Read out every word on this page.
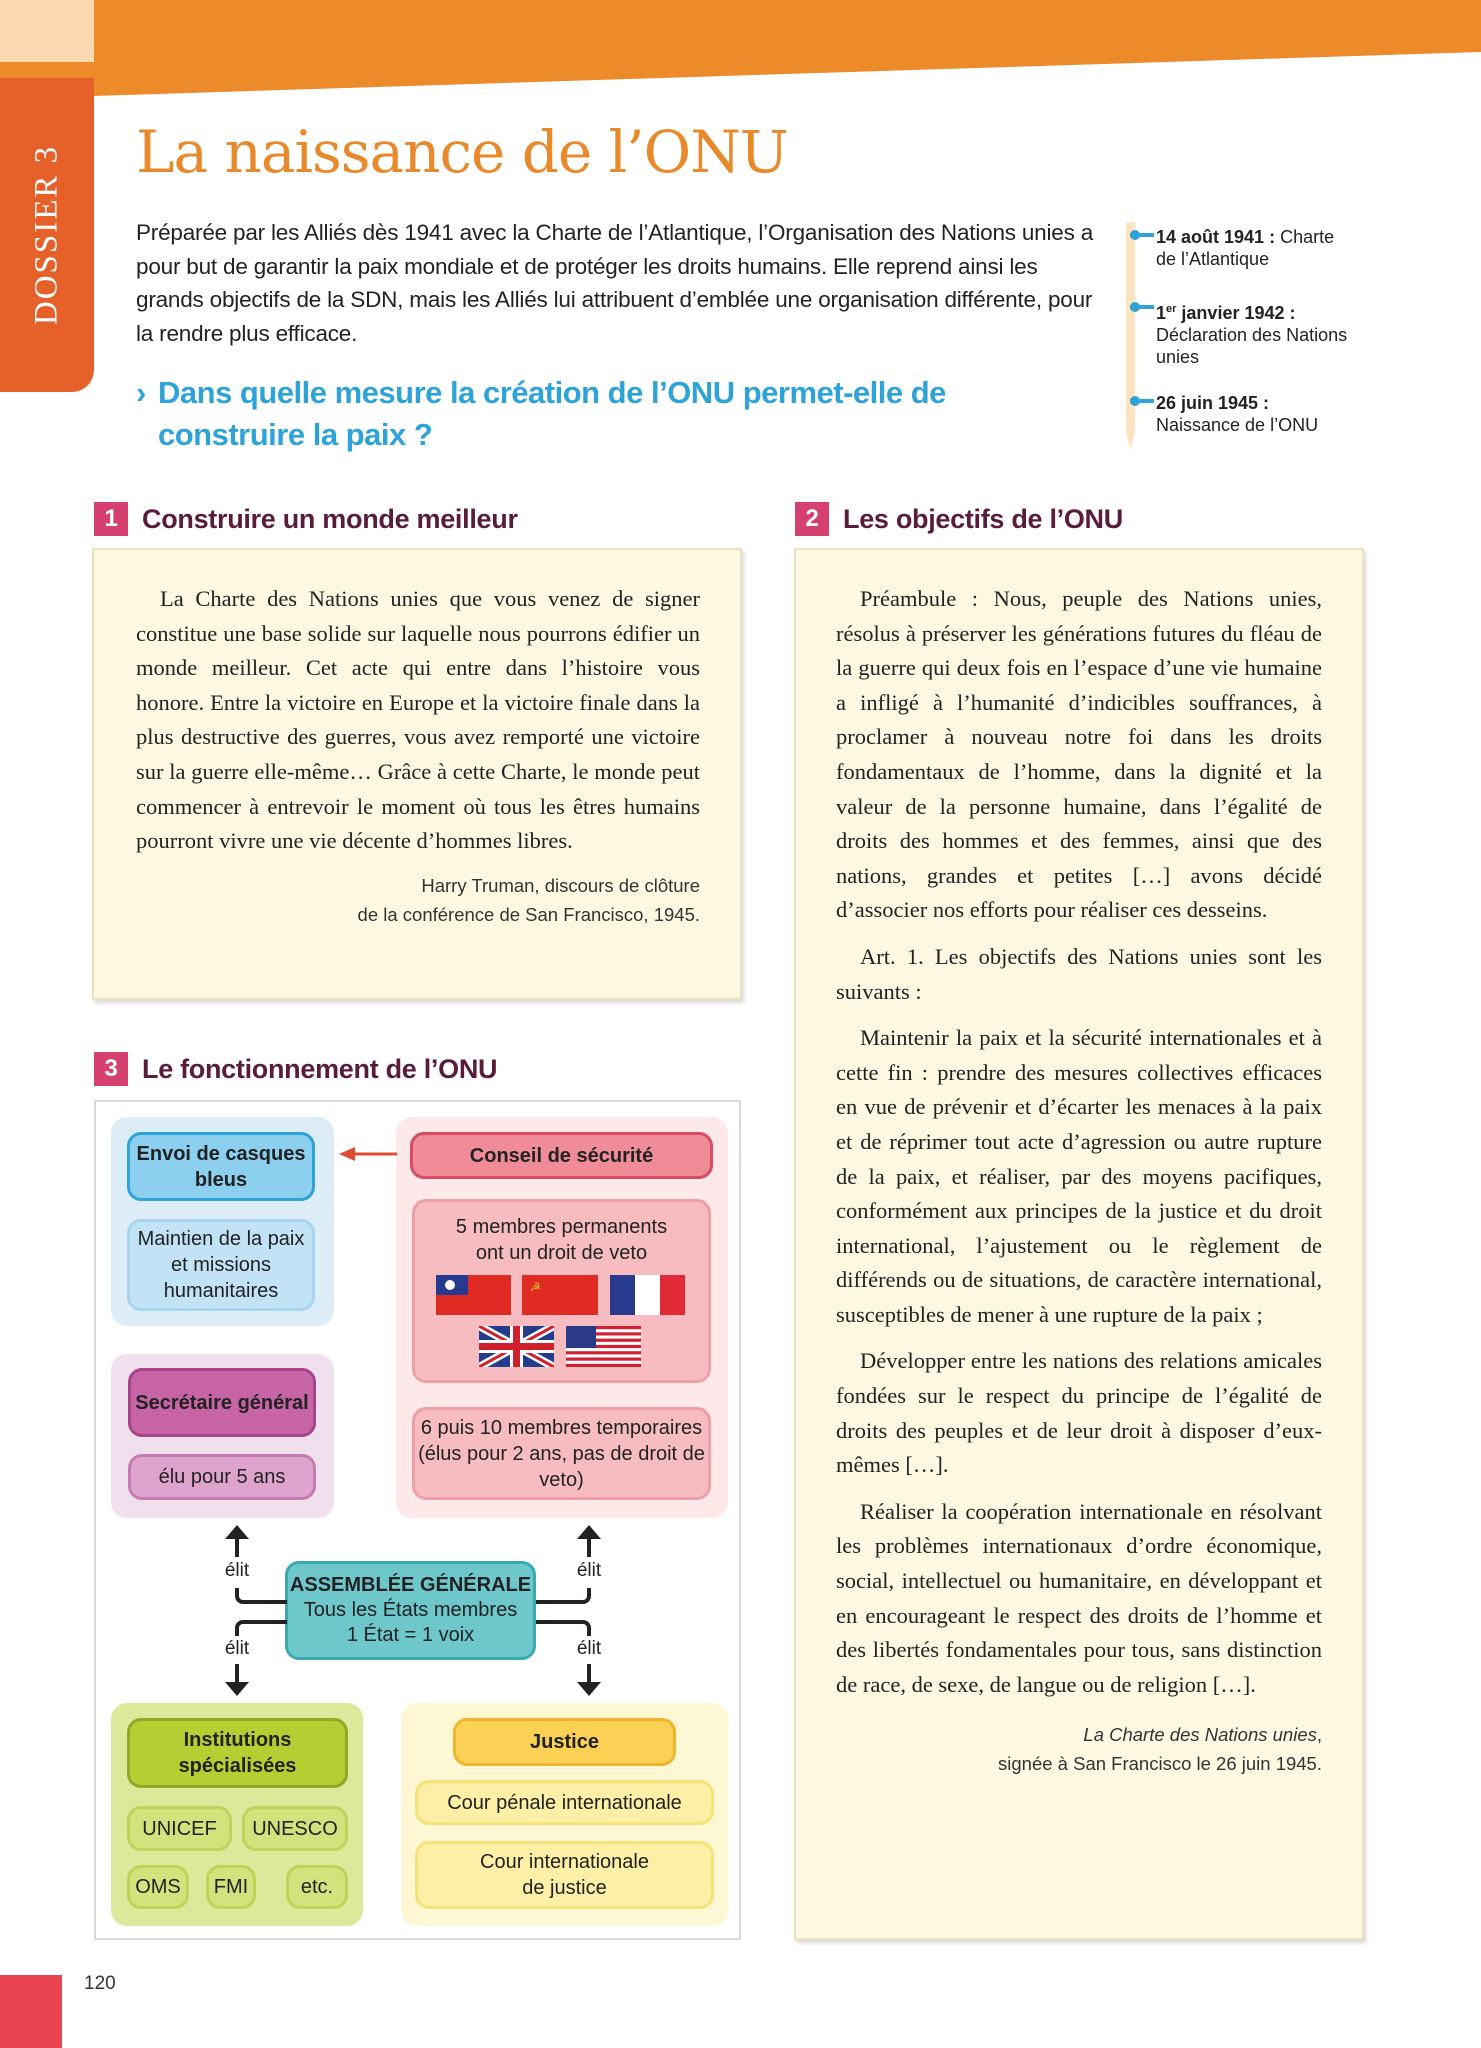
DOSSIER 3 La naissance de l’ONU

Préparée par les Alliés dès 1941 avec la Charte de l’Atlantique, l’Organisation des Nations unies a pour but de garantir la paix mondiale et de protéger les droits humains. Elle reprend ainsi les grands objectifs de la SDN, mais les Alliés lui attribuent d’emblée une organisation différente, pour la rendre plus efficace.

› Dans quelle mesure la création de l’ONU permet-elle de construire la paix ?
14 août 1941 : Charte de l’Atlantique
1er janvier 1942 :
Déclaration des Nations unies
26 juin 1945 :
Naissance de l’ONU
1 Construire un monde meilleur	2 Les objectifs de l’ONU
3 Le fonctionnement de l’ONU

La Charte des Nations unies que vous venez de signer constitue une base solide sur laquelle nous pourrons édifier un monde meilleur. Cet acte qui entre dans l’histoire vous honore. Entre la victoire en Europe et la victoire finale dans la plus destructive des guerres, vous avez remporté une victoire sur la guerre elle-même… Grâce à cette Charte, le monde peut commencer à entrevoir le moment où tous les êtres humains pourront vivre une vie décente d’hommes libres.

Harry Truman, discours de clôture
de la conférence de San Francisco, 1945.

Préambule : Nous, peuple des Nations unies, résolus à préserver les générations futures du fléau de la guerre qui deux fois en l’espace d’une vie humaine a infligé à l’humanité d’indicibles souffrances, à proclamer à nouveau notre foi dans les droits fondamentaux de l’homme, dans la dignité et la valeur de la personne humaine, dans l’égalité de droits des hommes et des femmes, ainsi que des nations, grandes et petites […] avons décidé d’associer nos efforts pour réaliser ces desseins.

Art. 1. Les objectifs des Nations unies sont les suivants :

Maintenir la paix et la sécurité internationales et à cette fin : prendre des mesures collectives efficaces en vue de prévenir et d’écarter les menaces à la paix et de réprimer tout acte d’agression ou autre rupture de la paix, et réaliser, par des moyens pacifiques, conformément aux principes de la justice et du droit international, l’ajustement ou le règlement de différends ou de situations, de caractère international, susceptibles de mener à une rupture de la paix ;

Développer entre les nations des relations amicales fondées sur le respect du principe de l’égalité de droits des peuples et de leur droit à disposer d’eux-mêmes […].

Réaliser la coopération internationale en résolvant les problèmes internationaux d’ordre économique, social, intellectuel ou humanitaire, en développant et en encourageant le respect des droits de l’homme et des libertés fondamentales pour tous, sans distinction de race, de sexe, de langue ou de religion […].

La Charte des Nations unies,
signée à San Francisco le 26 juin 1945.
Envoi de casques bleus
Maintien de la paix et missions humanitaires
Secrétaire général
élu pour 5 ans
Conseil de sécurité
5 membres permanents ont un droit de veto
☭
6 puis 10 membres temporaires (élus pour 2 ans, pas de droit de veto)
ASSEMBLÉE GÉNÉRALE
Tous les États membres
1 État = 1 voix
élit
élit
élit
élit
Institutions spécialisées
UNICEF	UNESCO
OMS	FMI	etc.
Justice
Cour pénale internationale
Cour internationale de justice
120
